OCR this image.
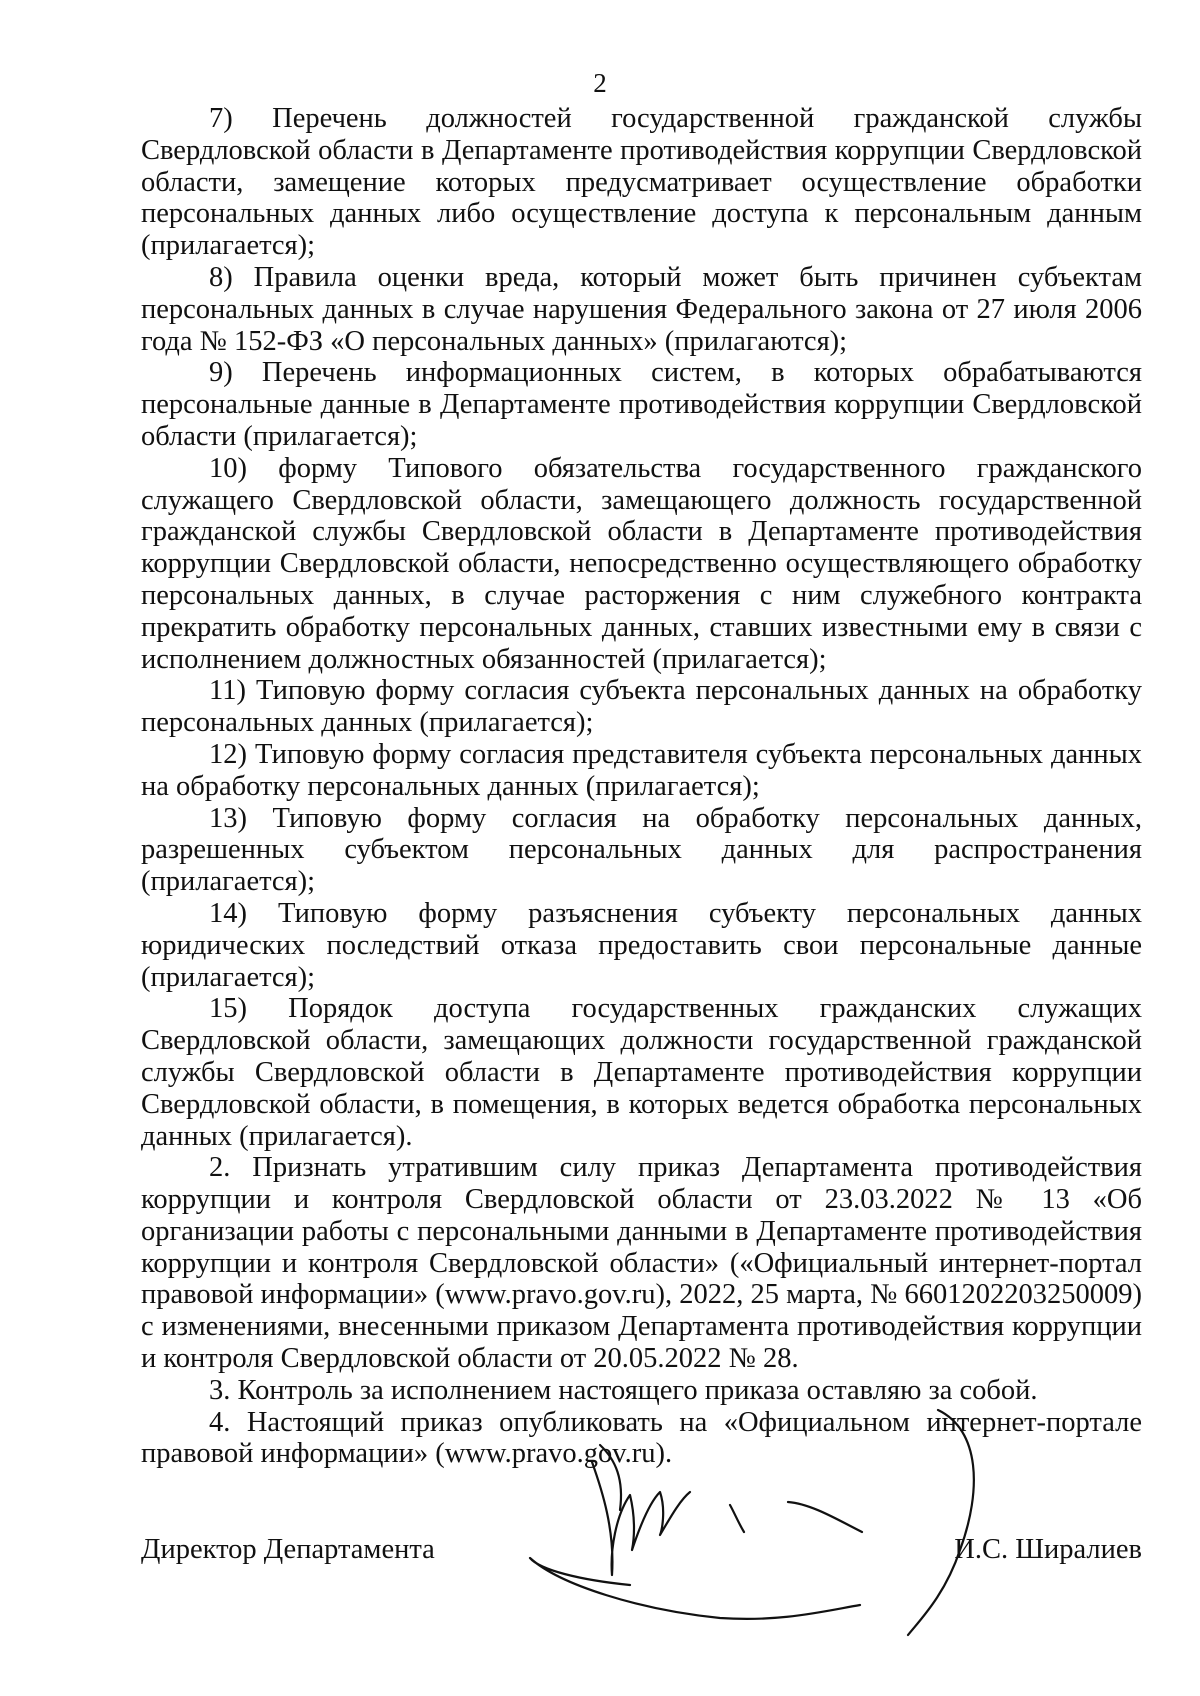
2

7) Перечень должностей государственной гражданской службы Свердловской области в Департаменте противодействия коррупции Свердловской области, замещение которых предусматривает осуществление обработки персональных данных либо осуществление доступа к персональным данным (прилагается);

8) Правила оценки вреда, который может быть причинен субъектам персональных данных в случае нарушения Федерального закона от 27 июля 2006 года № 152-ФЗ «О персональных данных» (прилагаются);

9) Перечень информационных систем, в которых обрабатываются персональные данные в Департаменте противодействия коррупции Свердловской области (прилагается);

10) форму Типового обязательства государственного гражданского служащего Свердловской области, замещающего должность государственной гражданской службы Свердловской области в Департаменте противодействия коррупции Свердловской области, непосредственно осуществляющего обработку персональных данных, в случае расторжения с ним служебного контракта прекратить обработку персональных данных, ставших известными ему в связи с исполнением должностных обязанностей (прилагается);

11) Типовую форму согласия субъекта персональных данных на обработку персональных данных (прилагается);

12) Типовую форму согласия представителя субъекта персональных данных на обработку персональных данных (прилагается);

13) Типовую форму согласия на обработку персональных данных, разрешенных субъектом персональных данных для распространения (прилагается);

14) Типовую форму разъяснения субъекту персональных данных юридических последствий отказа предоставить свои персональные данные (прилагается);

15) Порядок доступа государственных гражданских служащих Свердловской области, замещающих должности государственной гражданской службы Свердловской области в Департаменте противодействия коррупции Свердловской области, в помещения, в которых ведется обработка персональных данных (прилагается).

2. Признать утратившим силу приказ Департамента противодействия коррупции и контроля Свердловской области от 23.03.2022 № 13 «Об организации работы с персональными данными в Департаменте противодействия коррупции и контроля Свердловской области» («Официальный интернет-портал правовой информации» (www.pravo.gov.ru), 2022, 25 марта, № 6601202203250009) с изменениями, внесенными приказом Департамента противодействия коррупции и контроля Свердловской области от 20.05.2022 № 28.

3. Контроль за исполнением настоящего приказа оставляю за собой.

4. Настоящий приказ опубликовать на «Официальном интернет-портале правовой информации» (www.pravo.gov.ru).

Директор Департамента	И.С. Ширалиев
